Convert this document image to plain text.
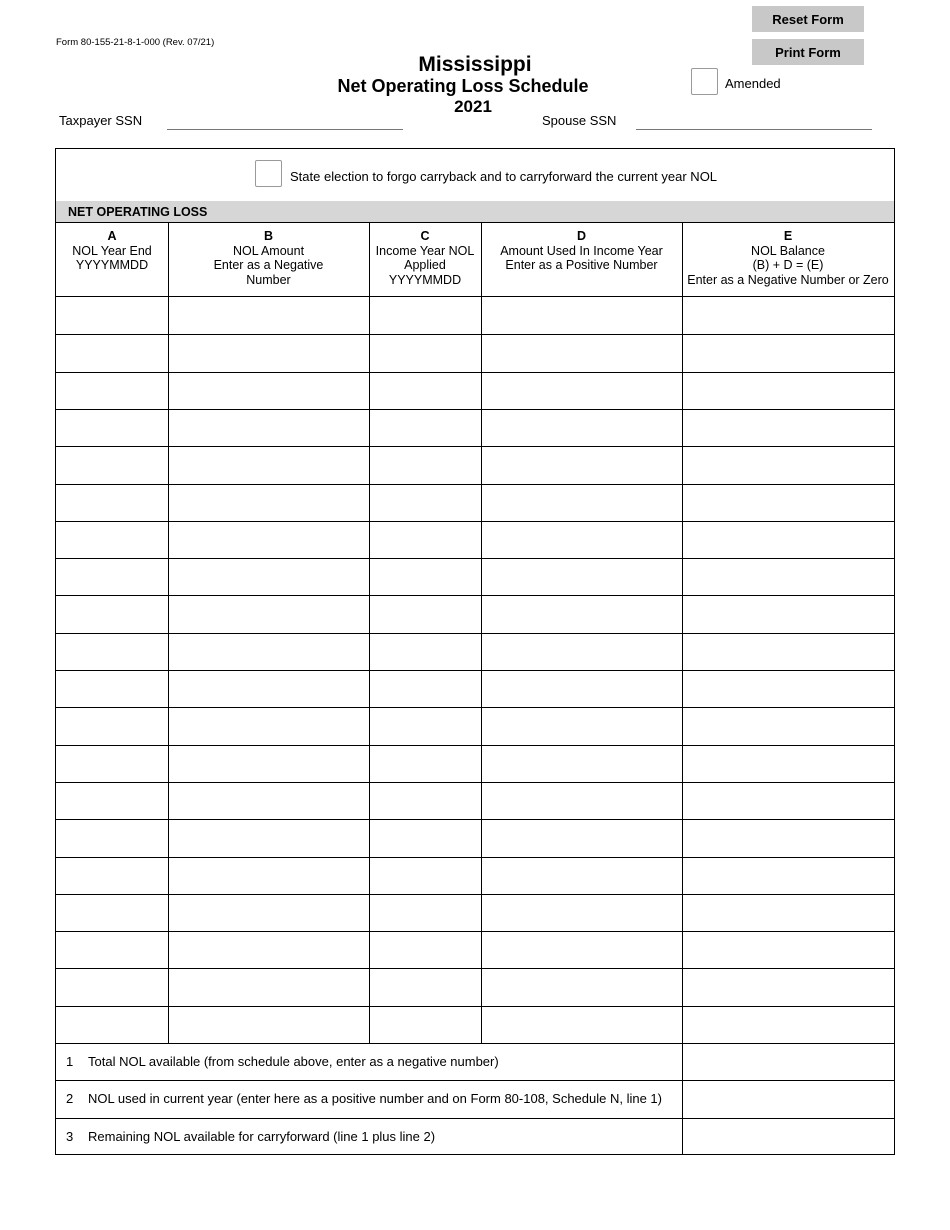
Reset Form
Print Form
Form 80-155-21-8-1-000 (Rev. 07/21)
Mississippi
Net Operating Loss Schedule
2021
Amended
Taxpayer SSN	Spouse SSN
State election to forgo carryback and to carryforward the current year NOL
NET OPERATING LOSS
A
NOL Year End
YYYYMMDD
B
NOL Amount
Enter as a Negative
Number
C
Income Year NOL
Applied
YYYYMMDD
D
Amount Used In Income Year
Enter as a Positive Number
E
NOL Balance
(B) + D = (E)
Enter as a Negative Number or Zero
1 Total NOL available (from schedule above, enter as a negative number)
2 NOL used in current year (enter here as a positive number and on Form 80-108, Schedule N, line 1)
3 Remaining NOL available for carryforward (line 1 plus line 2)
